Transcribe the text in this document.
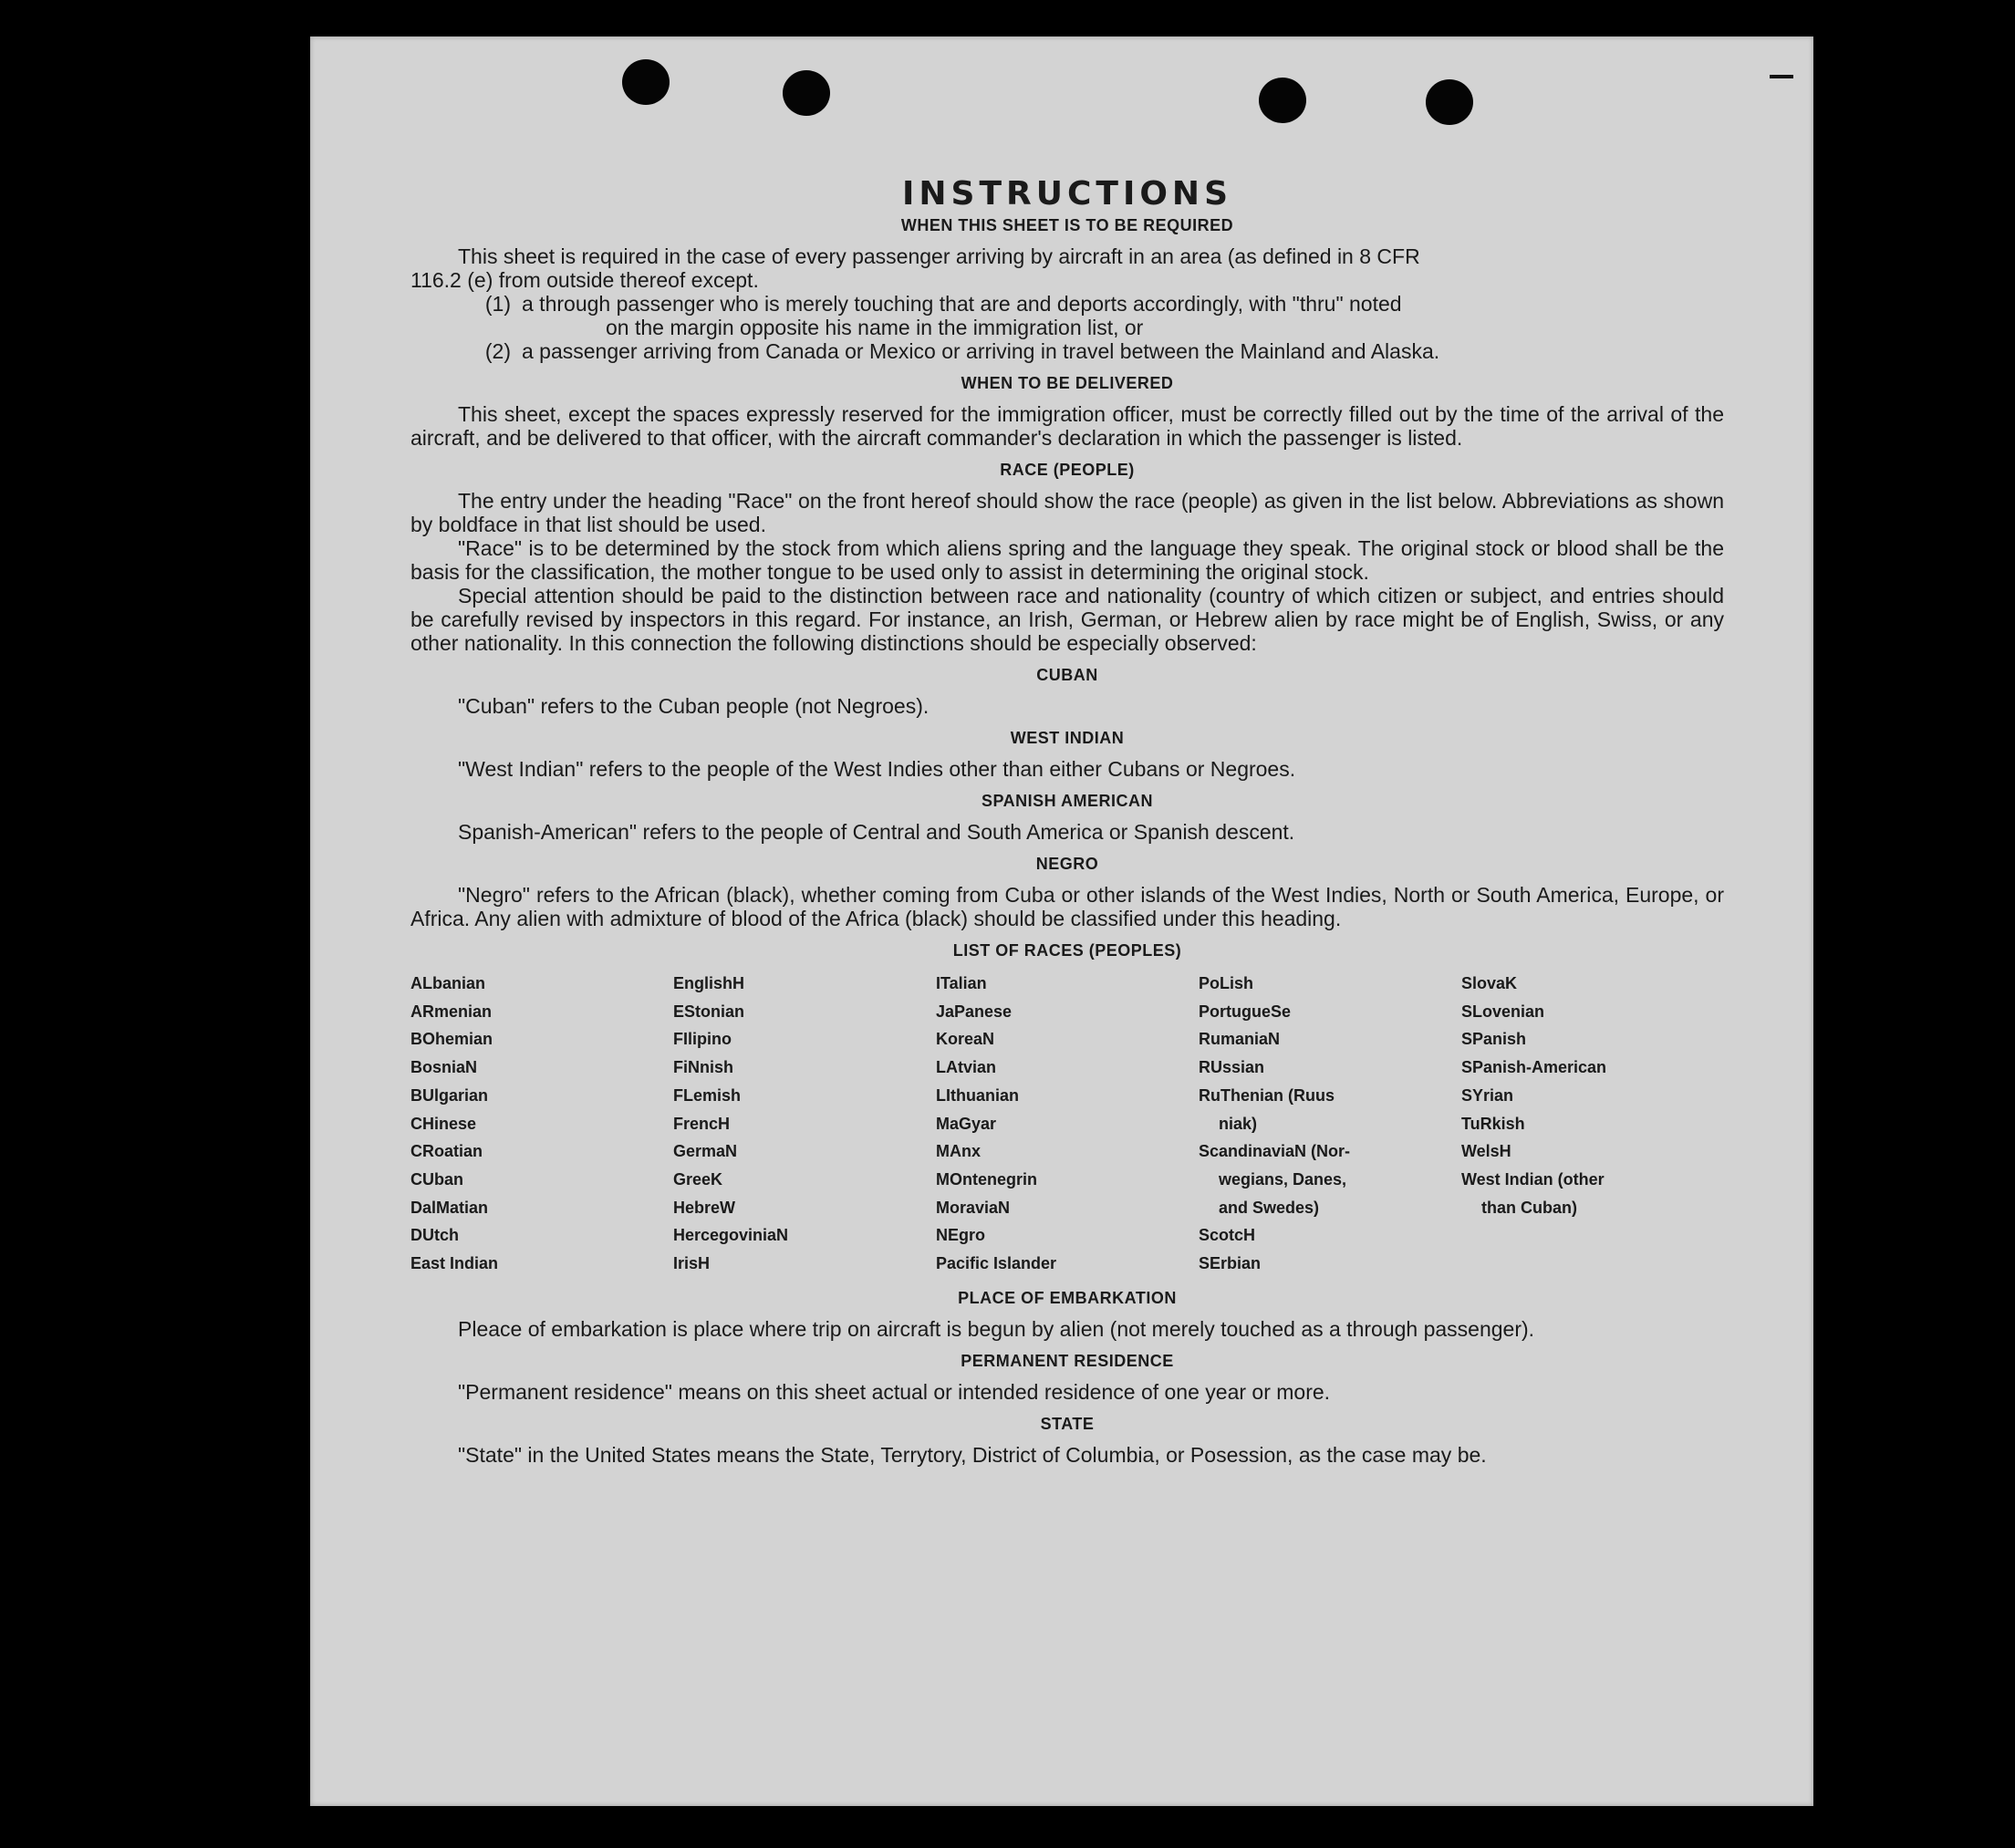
INSTRUCTIONS
WHEN THIS SHEET IS TO BE REQUIRED

This sheet is required in the case of every passenger arriving by aircraft in an area (as defined in 8 CFR

116.2 (e) from outside thereof except.

(1) a through passenger who is merely touching that are and deports accordingly, with "thru" noted
on the margin opposite his name in the immigration list, or
(2) a passenger arriving from Canada or Mexico or arriving in travel between the Mainland and Alaska.
WHEN TO BE DELIVERED

This sheet, except the spaces expressly reserved for the immigration officer, must be correctly filled out by the time of the arrival of the aircraft, and be delivered to that officer, with the aircraft commander's declaration in which the passenger is listed.

RACE (PEOPLE)

The entry under the heading "Race" on the front hereof should show the race (people) as given in the list below. Abbreviations as shown by boldface in that list should be used.

"Race" is to be determined by the stock from which aliens spring and the language they speak. The original stock or blood shall be the basis for the classification, the mother tongue to be used only to assist in determining the original stock.

Special attention should be paid to the distinction between race and nationality (country of which citizen or subject, and entries should be carefully revised by inspectors in this regard. For instance, an Irish, German, or Hebrew alien by race might be of English, Swiss, or any other nationality. In this connection the following distinctions should be especially observed:

CUBAN

"Cuban" refers to the Cuban people (not Negroes).

WEST INDIAN

"West Indian" refers to the people of the West Indies other than either Cubans or Negroes.

SPANISH AMERICAN

Spanish-American" refers to the people of Central and South America or Spanish descent.

NEGRO

"Negro" refers to the African (black), whether coming from Cuba or other islands of the West Indies, North or South America, Europe, or Africa. Any alien with admixture of blood of the Africa (black) should be classified under this heading.

LIST OF RACES (PEOPLES)
ALbanian
ARmenian
BOhemian
BosniaN
BUlgarian
CHinese
CRoatian
CUban
DalMatian
DUtch
East Indian
EnglishH
EStonian
FIlipino
FiNnish
FLemish
FrencH
GermaN
GreeK
HebreW
HercegoviniaN
IrisH
ITalian
JaPanese
KoreaN
LAtvian
LIthuanian
MaGyar
MAnx
MOntenegrin
MoraviaN
NEgro
Pacific Islander
PoLish
PortugueSe
RumaniaN
RUssian
RuThenian (Ruus
niak)
ScandinaviaN (Nor-
wegians, Danes,
and Swedes)
ScotcH
SErbian
SlovaK
SLovenian
SPanish
SPanish-American
SYrian
TuRkish
WelsH
West Indian (other
than Cuban)
PLACE OF EMBARKATION

Pleace of embarkation is place where trip on aircraft is begun by alien (not merely touched as a through passenger).

PERMANENT RESIDENCE

"Permanent residence" means on this sheet actual or intended residence of one year or more.

STATE

"State" in the United States means the State, Terrytory, District of Columbia, or Posession, as the case may be.
